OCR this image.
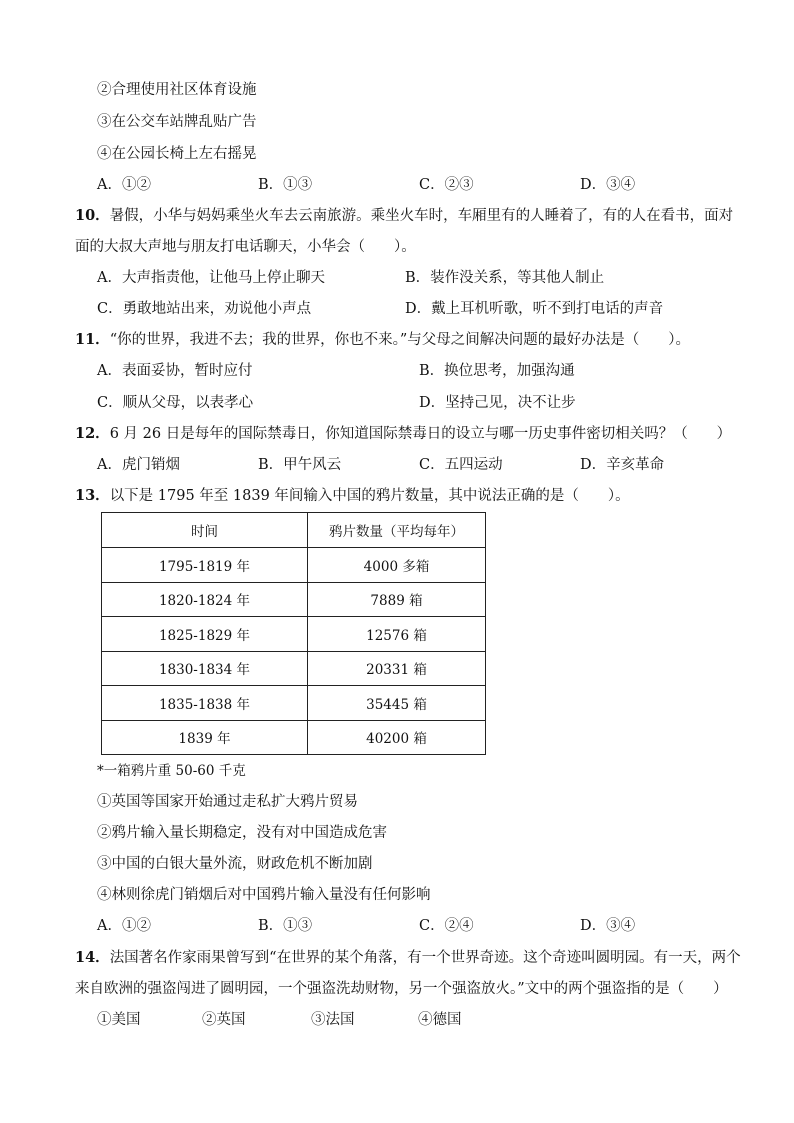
②合理使用社区体育设施
③在公交车站牌乱贴广告
④在公园长椅上左右摇晃
A．①②	B．①③	C．②③	D．③④
10．暑假，小华与妈妈乘坐火车去云南旅游。乘坐火车时，车厢里有的人睡着了，有的人在看书，面对
面的大叔大声地与朋友打电话聊天，小华会（　　）。
A．大声指责他，让他马上停止聊天	B．装作没关系，等其他人制止
C．勇敢地站出来，劝说他小声点	D．戴上耳机听歌，听不到打电话的声音
11．“你的世界，我进不去；我的世界，你也不来。”与父母之间解决问题的最好办法是（　　）。
A．表面妥协，暂时应付	B．换位思考，加强沟通
C．顺从父母，以表孝心	D．坚持己见，决不让步
12．6 月 26 日是每年的国际禁毒日，你知道国际禁毒日的设立与哪一历史事件密切相关吗？（　　）
A．虎门销烟	B．甲午风云	C．五四运动	D．辛亥革命
13．以下是 1795 年至 1839 年间输入中国的鸦片数量，其中说法正确的是（　　）。
时间	鸦片数量（平均每年）
1795-1819 年	4000 多箱
1820-1824 年	7889 箱
1825-1829 年	12576 箱
1830-1834 年	20331 箱
1835-1838 年	35445 箱
1839 年	40200 箱
*一箱鸦片重 50-60 千克
①英国等国家开始通过走私扩大鸦片贸易
②鸦片输入量长期稳定，没有对中国造成危害
③中国的白银大量外流，财政危机不断加剧
④林则徐虎门销烟后对中国鸦片输入量没有任何影响
A．①②	B．①③	C．②④	D．③④
14．法国著名作家雨果曾写到“在世界的某个角落，有一个世界奇迹。这个奇迹叫圆明园。有一天，两个
来自欧洲的强盗闯进了圆明园，一个强盗洗劫财物，另一个强盗放火。”文中的两个强盗指的是（　　）
①美国	②英国	③法国	④德国
